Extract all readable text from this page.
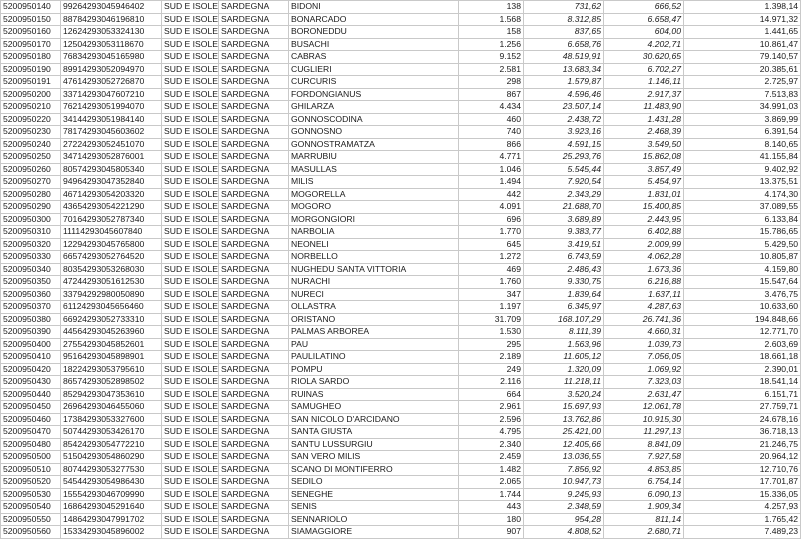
5200950140	99264293045946402	SUD E ISOLE	SARDEGNA	BIDONI	138	731,62	666,52	1.398,14
5200950150	88784293046196810	SUD E ISOLE	SARDEGNA	BONARCADO	1.568	8.312,85	6.658,47	14.971,32
5200950160	12624293053324130	SUD E ISOLE	SARDEGNA	BORONEDDU	158	837,65	604,00	1.441,65
5200950170	12504293053118670	SUD E ISOLE	SARDEGNA	BUSACHI	1.256	6.658,76	4.202,71	10.861,47
5200950180	76834293045165980	SUD E ISOLE	SARDEGNA	CABRAS	9.152	48.519,91	30.620,65	79.140,57
5200950190	89914293052094970	SUD E ISOLE	SARDEGNA	CUGLIERI	2.581	13.683,34	6.702,27	20.385,61
5200950191	47614293052726870	SUD E ISOLE	SARDEGNA	CURCURIS	298	1.579,87	1.146,11	2.725,97
5200950200	33714293047607210	SUD E ISOLE	SARDEGNA	FORDONGIANUS	867	4.596,46	2.917,37	7.513,83
5200950210	76214293051994070	SUD E ISOLE	SARDEGNA	GHILARZA	4.434	23.507,14	11.483,90	34.991,03
5200950220	34144293051984140	SUD E ISOLE	SARDEGNA	GONNOSCODINA	460	2.438,72	1.431,28	3.869,99
5200950230	78174293045603602	SUD E ISOLE	SARDEGNA	GONNOSNO	740	3.923,16	2.468,39	6.391,54
5200950240	27224293052451070	SUD E ISOLE	SARDEGNA	GONNOSTRAMATZA	866	4.591,15	3.549,50	8.140,65
5200950250	34714293052876001	SUD E ISOLE	SARDEGNA	MARRUBIU	4.771	25.293,76	15.862,08	41.155,84
5200950260	80574293045805340	SUD E ISOLE	SARDEGNA	MASULLAS	1.046	5.545,44	3.857,49	9.402,92
5200950270	94964293047352840	SUD E ISOLE	SARDEGNA	MILIS	1.494	7.920,54	5.454,97	13.375,51
5200950280	46714293054203320	SUD E ISOLE	SARDEGNA	MOGORELLA	442	2.343,29	1.831,01	4.174,30
5200950290	43654293054221290	SUD E ISOLE	SARDEGNA	MOGORO	4.091	21.688,70	15.400,85	37.089,55
5200950300	70164293052787340	SUD E ISOLE	SARDEGNA	MORGONGIORI	696	3.689,89	2.443,95	6.133,84
5200950310	11114293045607840	SUD E ISOLE	SARDEGNA	NARBOLIA	1.770	9.383,77	6.402,88	15.786,65
5200950320	12294293045765800	SUD E ISOLE	SARDEGNA	NEONELI	645	3.419,51	2.009,99	5.429,50
5200950330	66574293052764520	SUD E ISOLE	SARDEGNA	NORBELLO	1.272	6.743,59	4.062,28	10.805,87
5200950340	80354293053268030	SUD E ISOLE	SARDEGNA	NUGHEDU SANTA VITTORIA	469	2.486,43	1.673,36	4.159,80
5200950350	47244293051612530	SUD E ISOLE	SARDEGNA	NURACHI	1.760	9.330,75	6.216,88	15.547,64
5200950360	33794292980050890	SUD E ISOLE	SARDEGNA	NURECI	347	1.839,64	1.637,11	3.476,75
5200950370	61124293045656460	SUD E ISOLE	SARDEGNA	OLLASTRA	1.197	6.345,97	4.287,63	10.633,60
5200950380	66924293052733310	SUD E ISOLE	SARDEGNA	ORISTANO	31.709	168.107,29	26.741,36	194.848,66
5200950390	44564293045263960	SUD E ISOLE	SARDEGNA	PALMAS ARBOREA	1.530	8.111,39	4.660,31	12.771,70
5200950400	27554293045852601	SUD E ISOLE	SARDEGNA	PAU	295	1.563,96	1.039,73	2.603,69
5200950410	95164293045898901	SUD E ISOLE	SARDEGNA	PAULILATINO	2.189	11.605,12	7.056,05	18.661,18
5200950420	18224293053795610	SUD E ISOLE	SARDEGNA	POMPU	249	1.320,09	1.069,92	2.390,01
5200950430	86574293052898502	SUD E ISOLE	SARDEGNA	RIOLA SARDO	2.116	11.218,11	7.323,03	18.541,14
5200950440	85294293047353610	SUD E ISOLE	SARDEGNA	RUINAS	664	3.520,24	2.631,47	6.151,71
5200950450	26964293046455060	SUD E ISOLE	SARDEGNA	SAMUGHEO	2.961	15.697,93	12.061,78	27.759,71
5200950460	17384293053327600	SUD E ISOLE	SARDEGNA	SAN NICOLO D'ARCIDANO	2.596	13.762,86	10.915,30	24.678,16
5200950470	50744293053426170	SUD E ISOLE	SARDEGNA	SANTA GIUSTA	4.795	25.421,00	11.297,13	36.718,13
5200950480	85424293054772210	SUD E ISOLE	SARDEGNA	SANTU LUSSURGIU	2.340	12.405,66	8.841,09	21.246,75
5200950500	51504293054860290	SUD E ISOLE	SARDEGNA	SAN VERO MILIS	2.459	13.036,55	7.927,58	20.964,12
5200950510	80744293053277530	SUD E ISOLE	SARDEGNA	SCANO DI MONTIFERRO	1.482	7.856,92	4.853,85	12.710,76
5200950520	54544293054986430	SUD E ISOLE	SARDEGNA	SEDILO	2.065	10.947,73	6.754,14	17.701,87
5200950530	15554293046709990	SUD E ISOLE	SARDEGNA	SENEGHE	1.744	9.245,93	6.090,13	15.336,05
5200950540	16864293045291640	SUD E ISOLE	SARDEGNA	SENIS	443	2.348,59	1.909,34	4.257,93
5200950550	14864293047991702	SUD E ISOLE	SARDEGNA	SENNARIOLO	180	954,28	811,14	1.765,42
5200950560	15334293045896002	SUD E ISOLE	SARDEGNA	SIAMAGGIORE	907	4.808,52	2.680,71	7.489,23
